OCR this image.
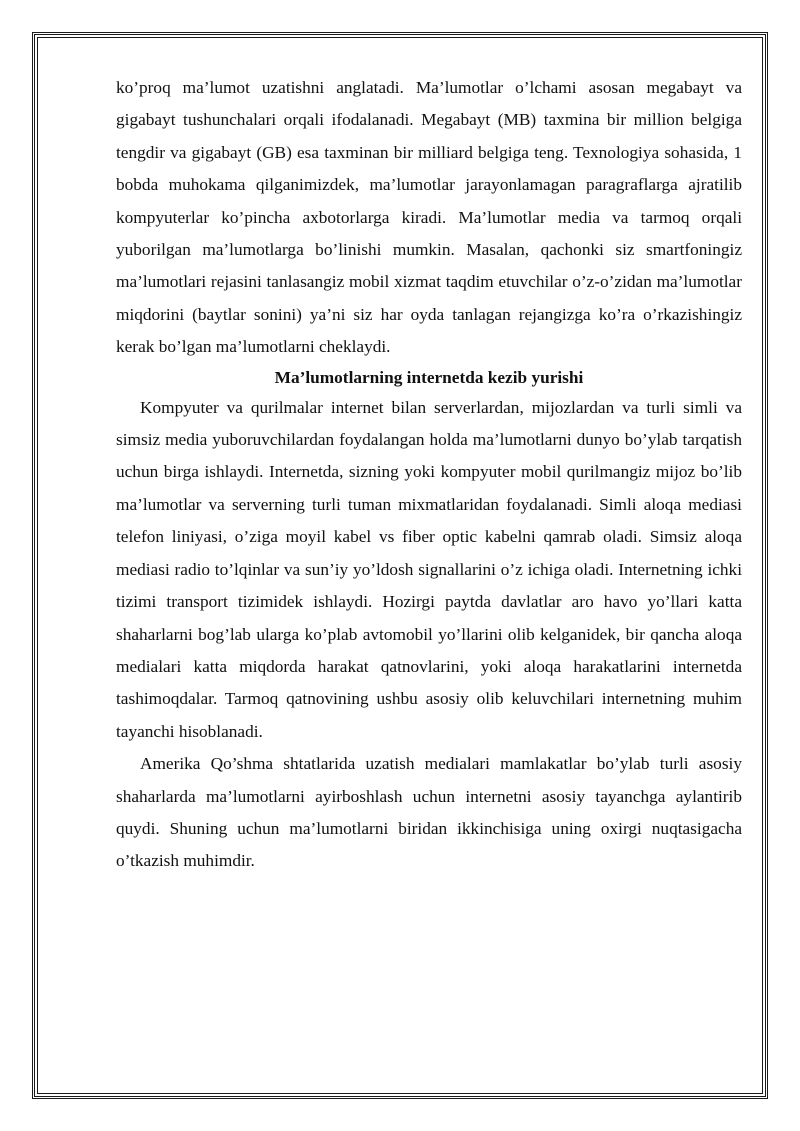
ko’proq ma’lumot uzatishni anglatadi. Ma’lumotlar o’lchami asosan megabayt va gigabayt tushunchalari orqali ifodalanadi. Megabayt (MB) taxmina bir million belgiga tengdir va gigabayt (GB) esa taxminan bir milliard belgiga teng. Texnologiya sohasida, 1 bobda muhokama qilganimizdek, ma’lumotlar jarayonlamagan paragraflarga ajratilib kompyuterlar ko’pincha axbotorlarga kiradi. Ma’lumotlar media va tarmoq orqali yuborilgan ma’lumotlarga bo’linishi mumkin. Masalan, qachonki siz smartfoningiz ma’lumotlari rejasini tanlasangiz mobil xizmat taqdim etuvchilar o’z-o’zidan ma’lumotlar miqdorini (baytlar sonini) ya’ni siz har oyda tanlagan rejangizga ko’ra o’rkazishingiz kerak bo’lgan ma’lumotlarni cheklaydi.

Ma’lumotlarning internetda kezib yurishi

Kompyuter va qurilmalar internet bilan serverlardan, mijozlardan va turli simli va simsiz media yuboruvchilardan foydalangan holda ma’lumotlarni dunyo bo’ylab tarqatish uchun birga ishlaydi. Internetda, sizning yoki kompyuter mobil qurilmangiz mijoz bo’lib ma’lumotlar va serverning turli tuman mixmatlaridan foydalanadi. Simli aloqa mediasi telefon liniyasi, o’ziga moyil kabel vs fiber optic kabelni qamrab oladi. Simsiz aloqa mediasi radio to’lqinlar va sun’iy yo’ldosh signallarini o’z ichiga oladi. Internetning ichki tizimi transport tizimidek ishlaydi. Hozirgi paytda davlatlar aro havo yo’llari katta shaharlarni bog’lab ularga ko’plab avtomobil yo’llarini olib kelganidek, bir qancha aloqa medialari katta miqdorda harakat qatnovlarini, yoki aloqa harakatlarini internetda tashimoqdalar. Tarmoq qatnovining ushbu asosiy olib keluvchilari internetning muhim tayanchi hisoblanadi.

Amerika Qo’shma shtatlarida uzatish medialari mamlakatlar bo’ylab turli asosiy shaharlarda ma’lumotlarni ayirboshlash uchun internetni asosiy tayanchga aylantirib quydi. Shuning uchun ma’lumotlarni biridan ikkinchisiga uning oxirgi nuqtasigacha o’tkazish muhimdir.
